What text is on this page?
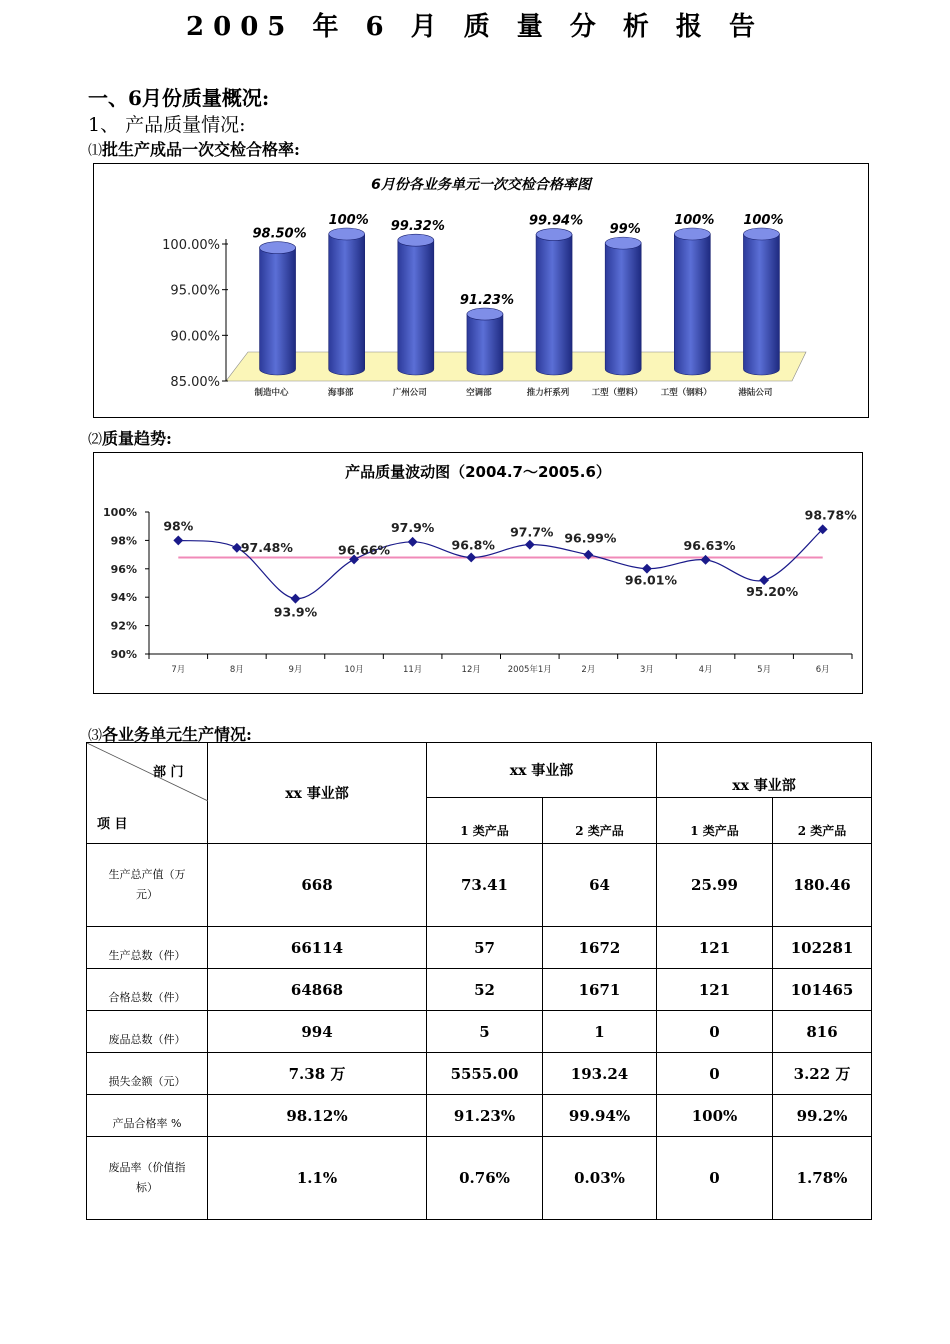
2005 年 6 月 质 量 分 析 报 告
一、6月份质量概况:
1、 产品质量情况:
⑴批生产成品一次交检合格率:
6月份各业务单元一次交检合格率图
85.00%
90.00%
95.00%
100.00%
98.50%
制造中心
100%
海事部
99.32%
广州公司
91.23%
空调部
99.94%
推力杆系列
99%
工型（塑料）
100%
工型（钢料）
100%
港陆公司
⑵质量趋势:
产品质量波动图（2004.7～2005.6）
90%
92%
94%
96%
98%
100%
98%
7月
97.48%
8月
93.9%
9月
96.66%
10月
97.9%
11月
96.8%
12月
97.7%
2005年1月
96.99%
2月
96.01%
3月
96.63%
4月
95.20%
5月
98.78%
6月
⑶各业务单元生产情况:
部 门
项 目	xx 事业部	xx 事业部		xx 事业部	
		1 类产品	2 类产品	1 类产品	2 类产品
生产总产值（万元）	668	73.41	64	25.99	180.46
生产总数（件）	66114	57	1672	121	102281
合格总数（件）	64868	52	1671	121	101465
废品总数（件）	994	5	1	0	816
损失金额（元）	7.38 万	5555.00	193.24	0	3.22 万
产品合格率 %	98.12%	91.23%	99.94%	100%	99.2%
废品率（价值指标）	1.1%	0.76%	0.03%	0	1.78%
